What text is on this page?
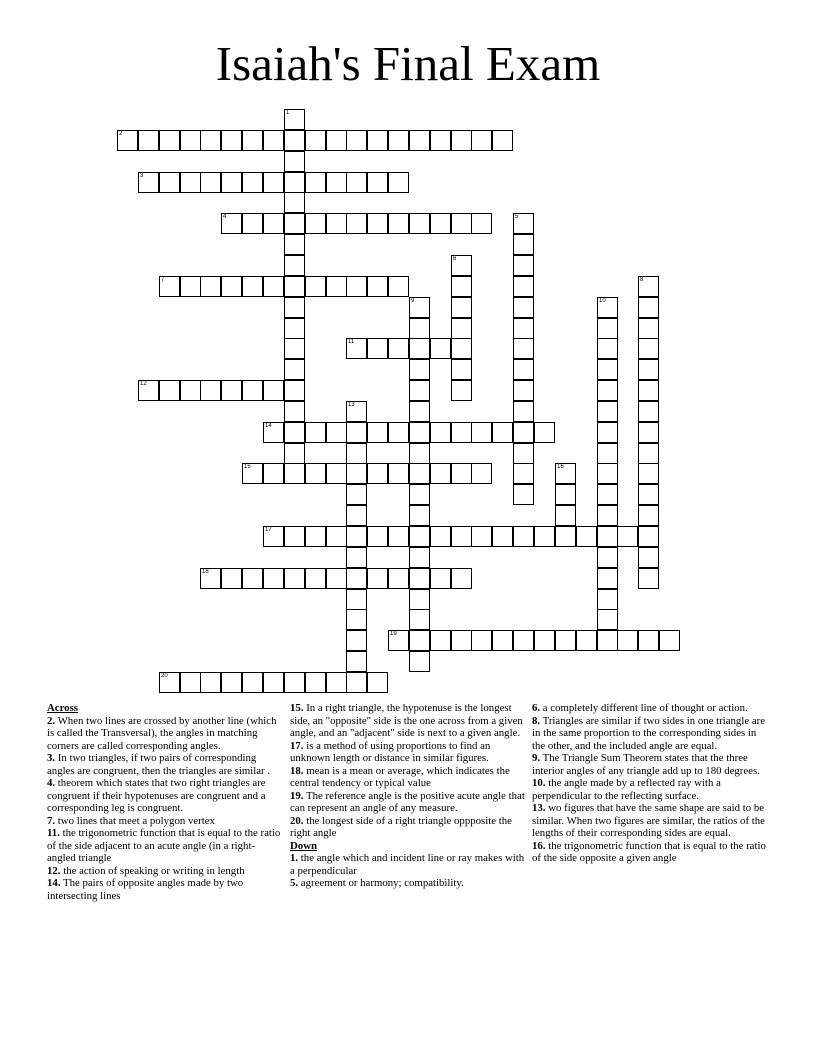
Isaiah's Final Exam
2
3
4
7
11
12
14
15
17
18
19
20
1
5
6
8
9	10
13
16

Across

2. When two lines are crossed by another line (which is called the Transversal), the angles in matching corners are called corresponding angles.

3. In two triangles, if two pairs of corresponding angles are congruent, then the triangles are similar .

4. theorem which states that two right triangles are congruent if their hypotenuses are congruent and a corresponding leg is congruent.

7. two lines that meet a polygon vertex

11. the trigonometric function that is equal to the ratio of the side adjacent to an acute angle (in a right-angled triangle

12. the action of speaking or writing in length

14. The pairs of opposite angles made by two intersecting lines

15. In a right triangle, the hypotenuse is the longest side, an "opposite" side is the one across from a given angle, and an "adjacent" side is next to a given angle.

17. is a method of using proportions to find an unknown length or distance in similar figures.

18. mean is a mean or average, which indicates the central tendency or typical value

19. The reference angle is the positive acute angle that can represent an angle of any measure.

20. the longest side of a right triangle oppposite the right angle

Down

1. the angle which and incident line or ray makes with a perpendicular

5. agreement or harmony; compatibility.

6. a completely different line of thought or action.

8. Triangles are similar if two sides in one triangle are in the same proportion to the corresponding sides in the other, and the included angle are equal.

9. The Triangle Sum Theorem states that the three interior angles of any triangle add up to 180 degrees.

10. the angle made by a reflected ray with a perpendicular to the reflecting surface.

13. wo figures that have the same shape are said to be similar. When two figures are similar, the ratios of the lengths of their corresponding sides are equal.

16. the trigonometric function that is equal to the ratio of the side opposite a given angle
